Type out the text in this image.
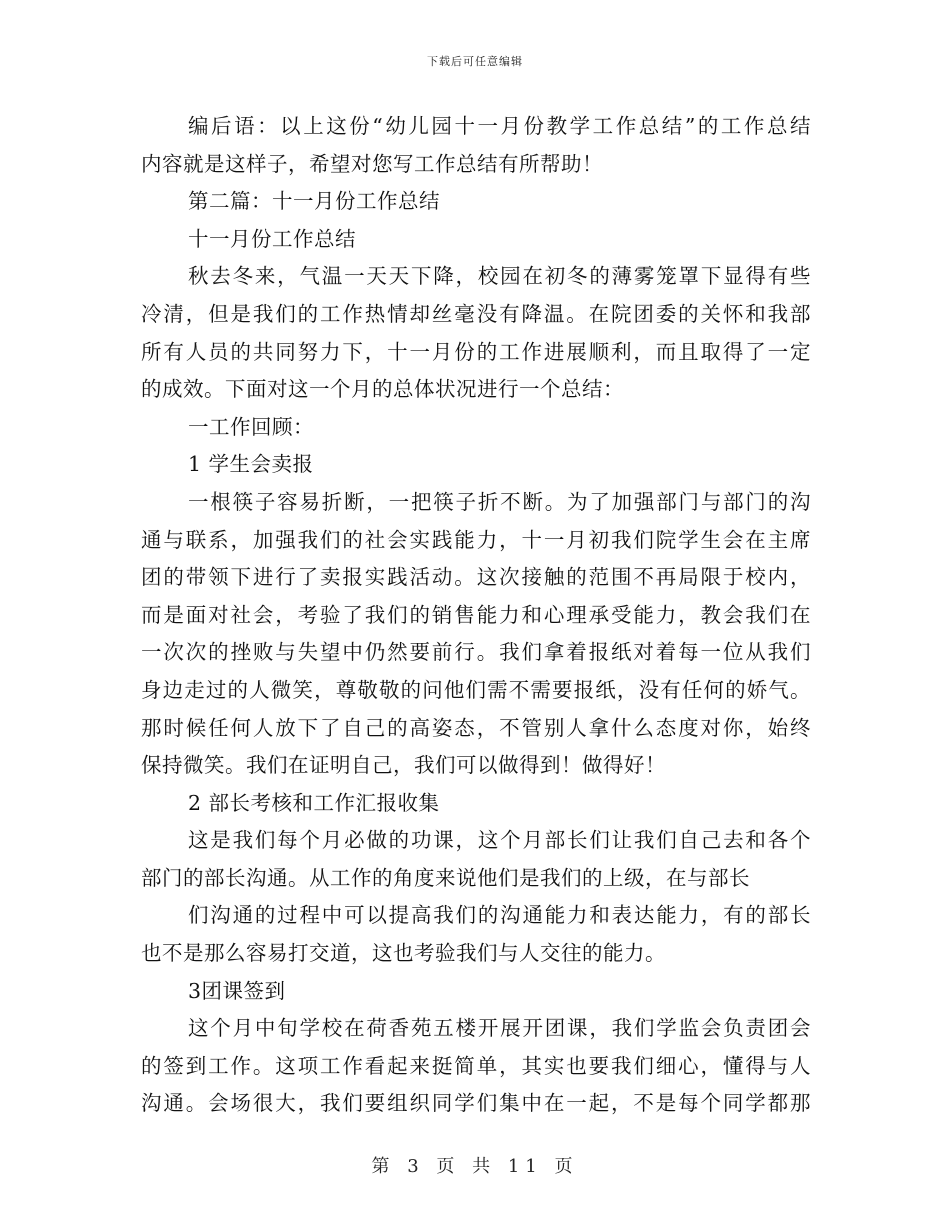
下载后可任意编辑
编后语：以上这份“幼儿园十一月份教学工作总结”的工作总结
内容就是这样子，希望对您写工作总结有所帮助！
第二篇：十一月份工作总结
十一月份工作总结
秋去冬来，气温一天天下降，校园在初冬的薄雾笼罩下显得有些
冷清，但是我们的工作热情却丝毫没有降温。在院团委的关怀和我部
所有人员的共同努力下，十一月份的工作进展顺利，而且取得了一定
的成效。下面对这一个月的总体状况进行一个总结：
一工作回顾：
1 学生会卖报
一根筷子容易折断，一把筷子折不断。为了加强部门与部门的沟
通与联系，加强我们的社会实践能力，十一月初我们院学生会在主席
团的带领下进行了卖报实践活动。这次接触的范围不再局限于校内，
而是面对社会，考验了我们的销售能力和心理承受能力，教会我们在
一次次的挫败与失望中仍然要前行。我们拿着报纸对着每一位从我们
身边走过的人微笑，尊敬敬的问他们需不需要报纸，没有任何的娇气。
那时候任何人放下了自己的高姿态，不管别人拿什么态度对你，始终
保持微笑。我们在证明自己，我们可以做得到！做得好！
2 部长考核和工作汇报收集
这是我们每个月必做的功课，这个月部长们让我们自己去和各个
部门的部长沟通。从工作的角度来说他们是我们的上级，在与部长
们沟通的过程中可以提高我们的沟通能力和表达能力，有的部长
也不是那么容易打交道，这也考验我们与人交往的能力。
3团课签到
这个月中旬学校在荷香苑五楼开展开团课，我们学监会负责团会
的签到工作。这项工作看起来挺简单，其实也要我们细心，懂得与人
沟通。会场很大，我们要组织同学们集中在一起，不是每个同学都那
第 3 页 共 11 页
